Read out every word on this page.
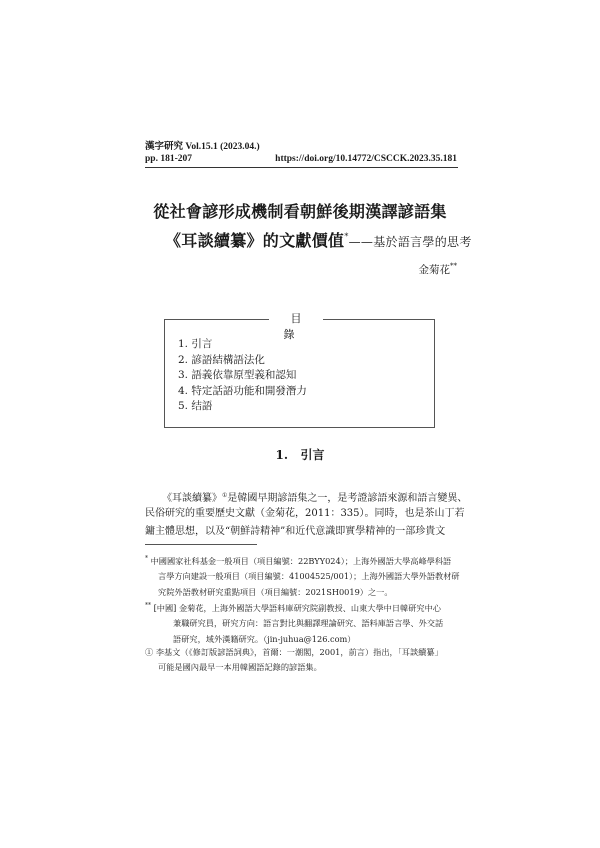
漢字研究 Vol.15.1 (2023.04.)
pp. 181-207	https://doi.org/10.14772/CSCCK.2023.35.181
從社會諺形成機制看朝鮮後期漢譯諺語集
《耳談續纂》的文獻價值*——基於語言學的思考
金菊花**
目錄
1. 引言
2. 諺語結構語法化
3. 語義依靠原型義和認知
4. 特定話語功能和開發潛力
5. 结語
1.   引言
《耳談續纂》①是韓國早期諺語集之一，是考證諺語來源和語言變異、
民俗研究的重要歷史文獻（金菊花，2011：335）。同時，也是茶山丁若
鏞主體思想，以及“朝鮮詩精神”和近代意識即實學精神的一部珍貴文
* 中國國家社科基金一般項目（項目編號：22BYY024）；上海外國語大學高峰學科語
言學方向建設一般項目（項目編號：41004525/001）；上海外國語大學外語教材研
究院外語教材研究重點項目（項目編號：2021SH0019）之一。
** [中國] 金菊花，上海外國語大學語料庫研究院副教授、山東大學中日韓研究中心
兼職研究員，研究方向：語言對比與翻譯理論研究、語料庫語言學、外交話
語研究，域外漢籍研究。（jin-juhua@126.com）
① 李基文（《修訂版諺語詞典》，首爾：一潮閣，2001，前言）指出，「耳談續纂」
可能是國內最早一本用韓國語記錄的諺語集。
